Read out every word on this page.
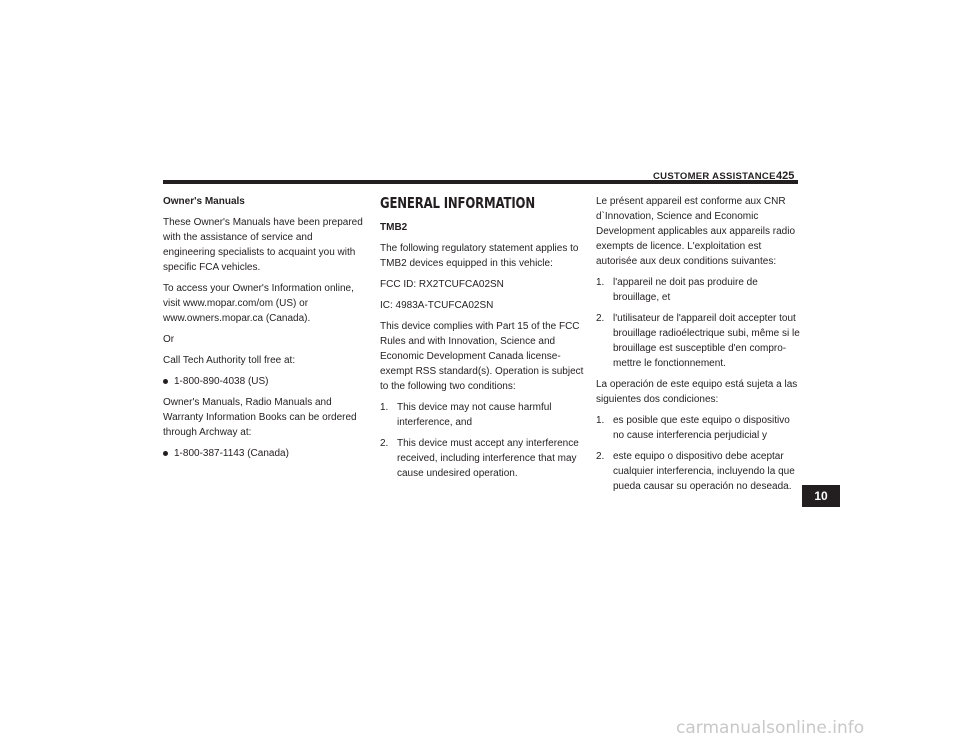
CUSTOMER ASSISTANCE 425

Owner's Manuals

These Owner's Manuals have been prepared with the assistance of service and engineering specialists to acquaint you with specific FCA vehicles.

To access your Owner's Information online, visit www.mopar.com/om (US) or www.owners.mopar.ca (Canada).

Or

Call Tech Authority toll free at:

1-800-890-4038 (US)

Owner's Manuals, Radio Manuals and Warranty Information Books can be ordered through Archway at:

1-800-387-1143 (Canada)
GENERAL INFORMATION

TMB2

The following regulatory statement applies to TMB2 devices equipped in this vehicle:

FCC ID: RX2TCUFCA02SN

IC: 4983A-TCUFCA02SN

This device complies with Part 15 of the FCC Rules and with Innovation, Science and Economic Development Canada license-exempt RSS standard(s). Operation is subject to the following two conditions:

1. This device may not cause harmful interference, and
2. This device must accept any interference received, including interference that may cause undesired operation.

Le présent appareil est conforme aux CNR d`Innovation, Science and Economic Development applicables aux appareils radio exempts de licence. L'exploitation est autorisée aux deux conditions suivantes:

1. l'appareil ne doit pas produire de brouillage, et
2. l'utilisateur de l'appareil doit accepter tout brouillage radioélectrique subi, même si le brouillage est susceptible d'en compro-mettre le fonctionnement.

La operación de este equipo está sujeta a las siguientes dos condiciones:

1. es posible que este equipo o dispositivo no cause interferencia perjudicial y
2. este equipo o dispositivo debe aceptar cualquier interferencia, incluyendo la que pueda causar su operación no deseada.
10
carmanualsonline.info
